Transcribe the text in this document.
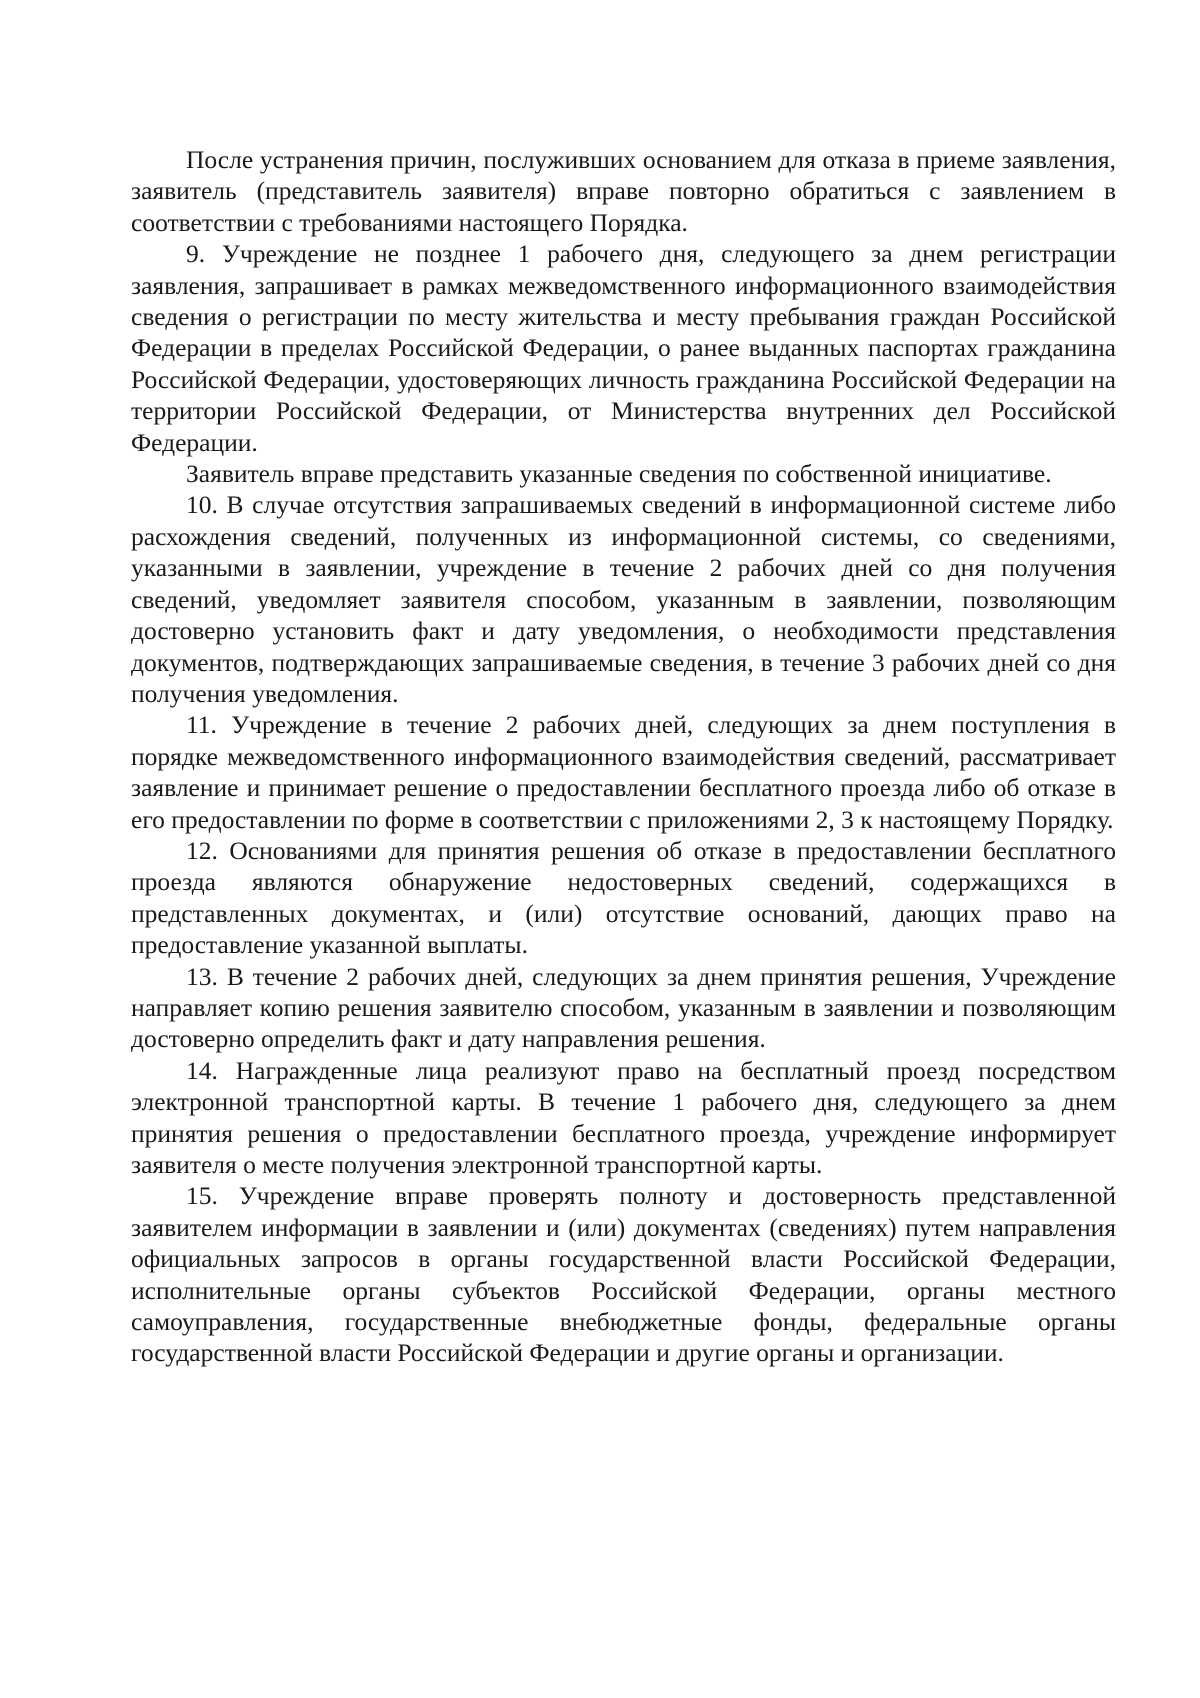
После устранения причин, послуживших основанием для отказа в приеме заявления, заявитель (представитель заявителя) вправе повторно обратиться с заявлением в соответствии с требованиями настоящего Порядка.

9. Учреждение не позднее 1 рабочего дня, следующего за днем регистрации заявления, запрашивает в рамках межведомственного информационного взаимодействия сведения о регистрации по месту жительства и месту пребывания граждан Российской Федерации в пределах Российской Федерации, о ранее выданных паспортах гражданина Российской Федерации, удостоверяющих личность гражданина Российской Федерации на территории Российской Федерации, от Министерства внутренних дел Российской Федерации.

Заявитель вправе представить указанные сведения по собственной инициативе.

10. В случае отсутствия запрашиваемых сведений в информационной системе либо расхождения сведений, полученных из информационной системы, со сведениями, указанными в заявлении, учреждение в течение 2 рабочих дней со дня получения сведений, уведомляет заявителя способом, указанным в заявлении, позволяющим достоверно установить факт и дату уведомления, о необходимости представления документов, подтверждающих запрашиваемые сведения, в течение 3 рабочих дней со дня получения уведомления.

11. Учреждение в течение 2 рабочих дней, следующих за днем поступления в порядке межведомственного информационного взаимодействия сведений, рассматривает заявление и принимает решение о предоставлении бесплатного проезда либо об отказе в его предоставлении по форме в соответствии с приложениями 2, 3 к настоящему Порядку.

12. Основаниями для принятия решения об отказе в предоставлении бесплатного проезда являются обнаружение недостоверных сведений, содержащихся в представленных документах, и (или) отсутствие оснований, дающих право на предоставление указанной выплаты.

13. В течение 2 рабочих дней, следующих за днем принятия решения, Учреждение направляет копию решения заявителю способом, указанным в заявлении и позволяющим достоверно определить факт и дату направления решения.

14. Награжденные лица реализуют право на бесплатный проезд посредством электронной транспортной карты. В течение 1 рабочего дня, следующего за днем принятия решения о предоставлении бесплатного проезда, учреждение информирует заявителя о месте получения электронной транспортной карты.

15. Учреждение вправе проверять полноту и достоверность представленной заявителем информации в заявлении и (или) документах (сведениях) путем направления официальных запросов в органы государственной власти Российской Федерации, исполнительные органы субъектов Российской Федерации, органы местного самоуправления, государственные внебюджетные фонды, федеральные органы государственной власти Российской Федерации и другие органы и организации.
